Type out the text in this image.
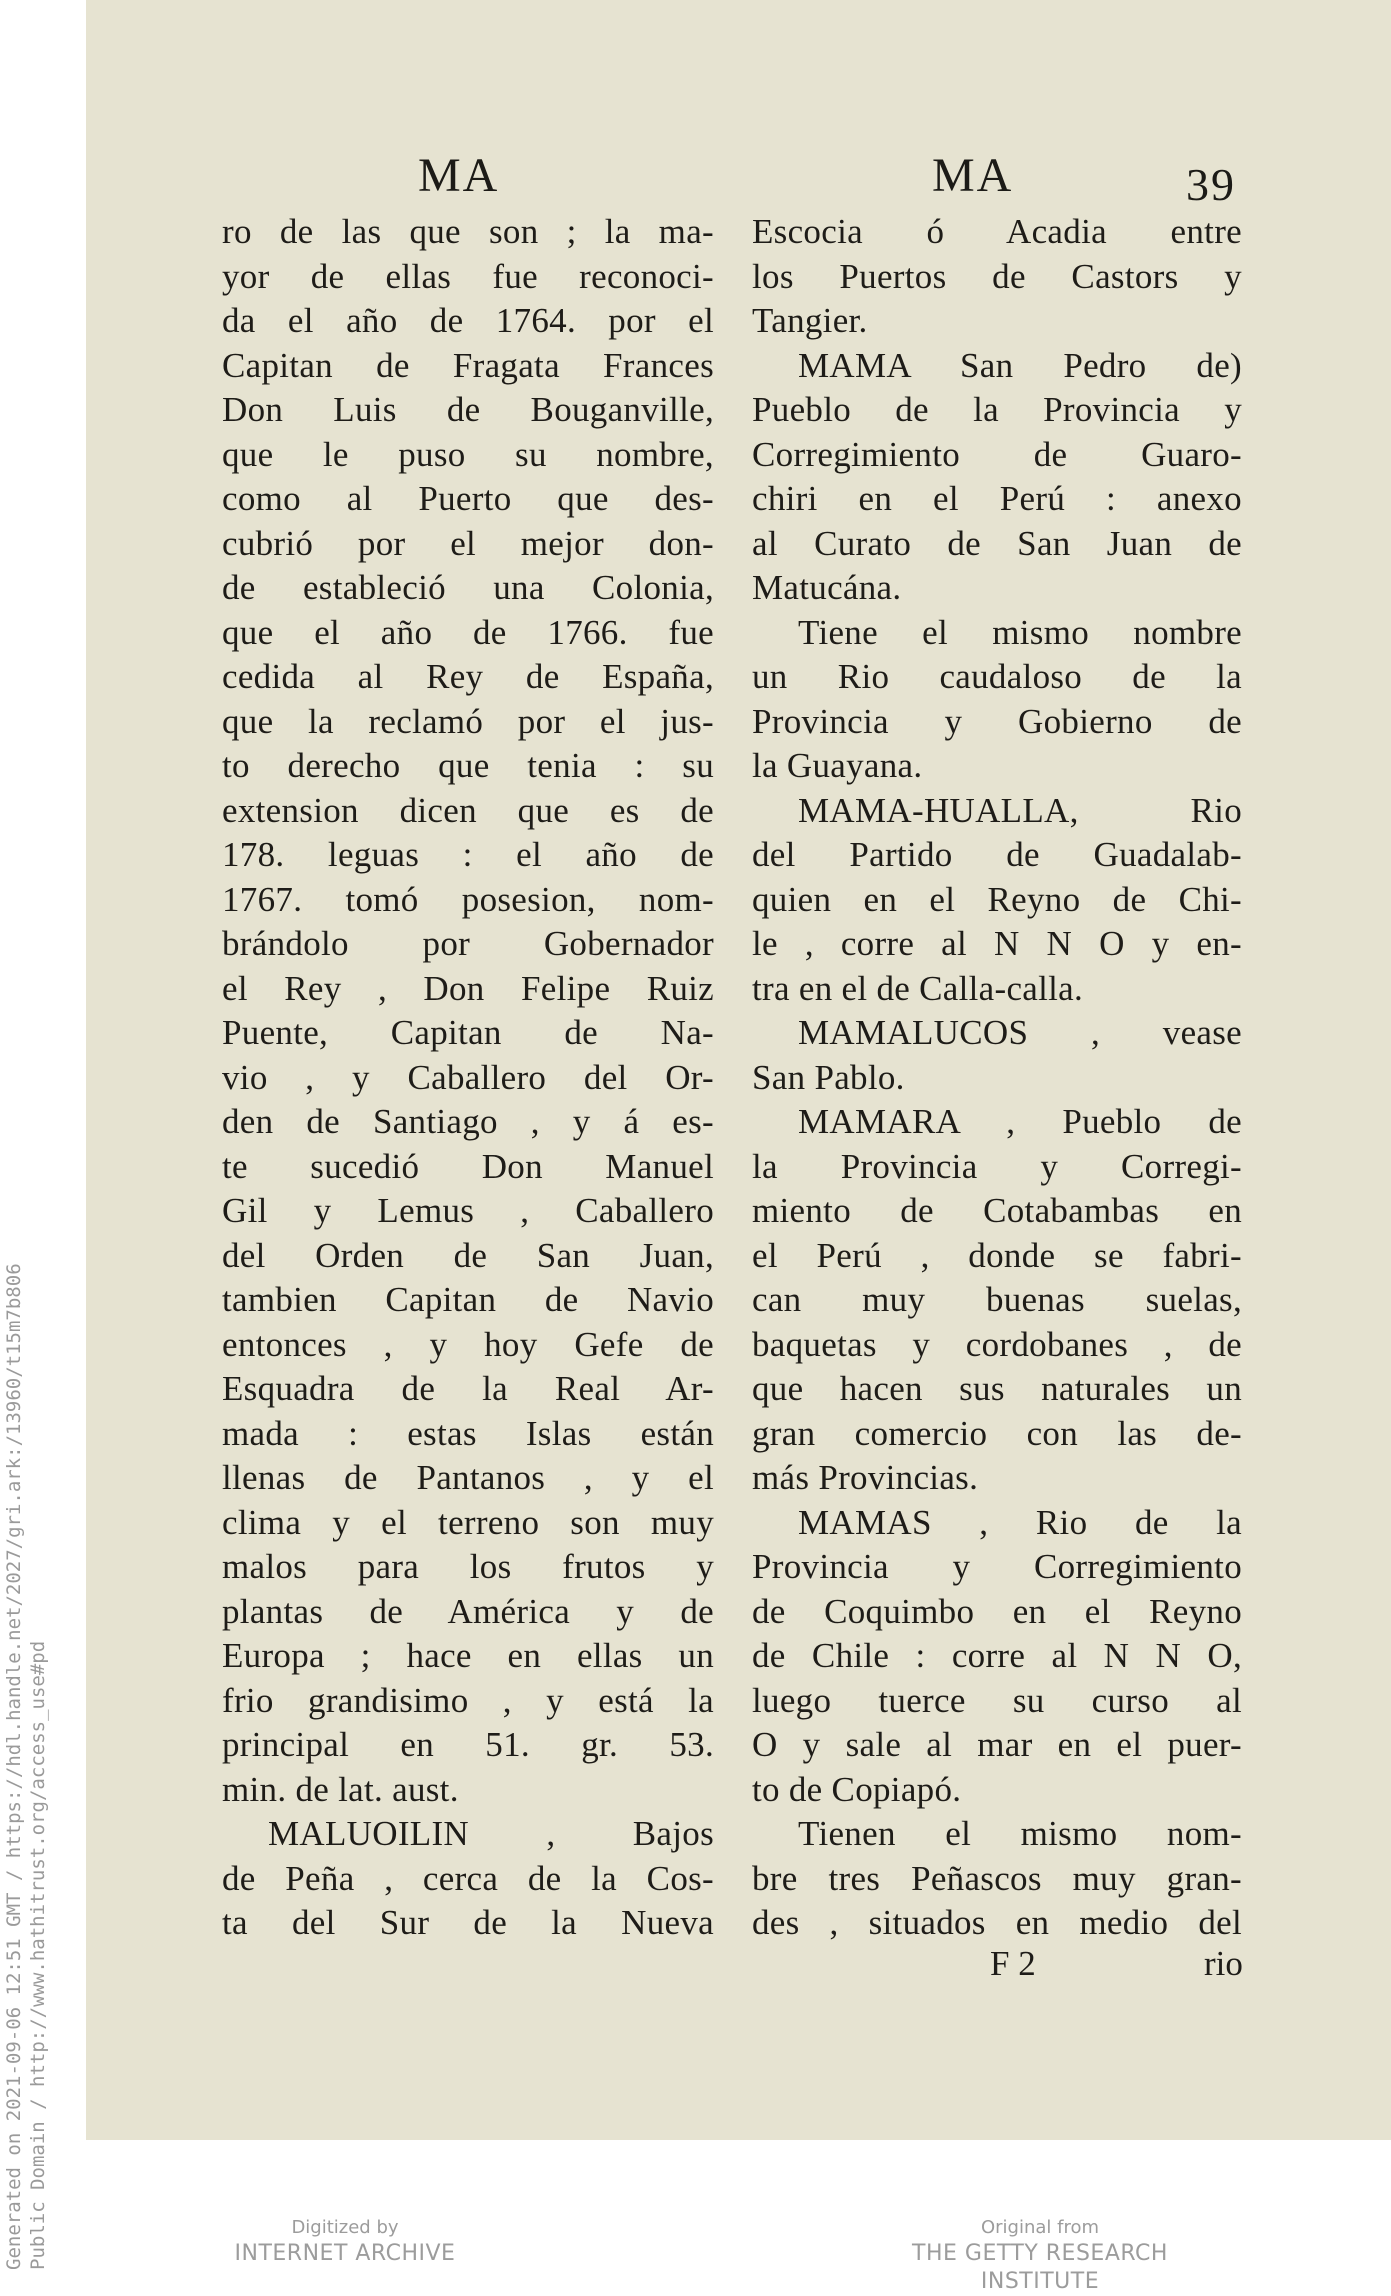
Generated on 2021-09-06 12:51 GMT / https://hdl.handle.net/2027/gri.ark:/13960/t15m7b806 Public Domain / http://www.hathitrust.org/access_use#pd
MA	MA	39
ro de las que son ; la ma-
yor de ellas fue reconoci-
da el año de 1764. por el
Capitan de Fragata Frances
Don Luis de Bouganville,
que le puso su nombre,
como al Puerto que des-
cubrió por el mejor don-
de estableció una Colonia,
que el año de 1766. fue
cedida al Rey de España,
que la reclamó por el jus-
to derecho que tenia : su
extension dicen que es de
178. leguas : el año de
1767. tomó posesion, nom-
brándolo por Gobernador
el Rey , Don Felipe Ruiz
Puente, Capitan de Na-
vio , y Caballero del Or-
den de Santiago , y á es-
te sucedió Don Manuel
Gil y Lemus , Caballero
del Orden de San Juan,
tambien Capitan de Navio
entonces , y hoy Gefe de
Esquadra de la Real Ar-
mada : estas Islas están
llenas de Pantanos , y el
clima y el terreno son muy
malos para los frutos y
plantas de América y de
Europa ; hace en ellas un
frio grandisimo , y está la
principal en 51. gr. 53.
min. de lat. aust.
MALUOILIN , Bajos
de Peña , cerca de la Cos-
ta del Sur de la Nueva
Escocia ó Acadia entre
los Puertos de Castors y
Tangier.
MAMA San Pedro de)
Pueblo de la Provincia y
Corregimiento de Guaro-
chiri en el Perú : anexo
al Curato de San Juan de
Matucána.
Tiene el mismo nombre
un Rio caudaloso de la
Provincia y Gobierno de
la Guayana.
MAMA-HUALLA, Rio
del Partido de Guadalab-
quien en el Reyno de Chi-
le , corre al N N O y en-
tra en el de Calla-calla.
MAMALUCOS , vease
San Pablo.
MAMARA , Pueblo de
la Provincia y Corregi-
miento de Cotabambas en
el Perú , donde se fabri-
can muy buenas suelas,
baquetas y cordobanes , de
que hacen sus naturales un
gran comercio con las de-
más Provincias.
MAMAS , Rio de la
Provincia y Corregimiento
de Coquimbo en el Reyno
de Chile : corre al N N O,
luego tuerce su curso al
O y sale al mar en el puer-
to de Copiapó.
Tienen el mismo nom-
bre tres Peñascos muy gran-
des , situados en medio del
F 2	rio
Digitized by
INTERNET ARCHIVE
Original from
THE GETTY RESEARCH INSTITUTE
